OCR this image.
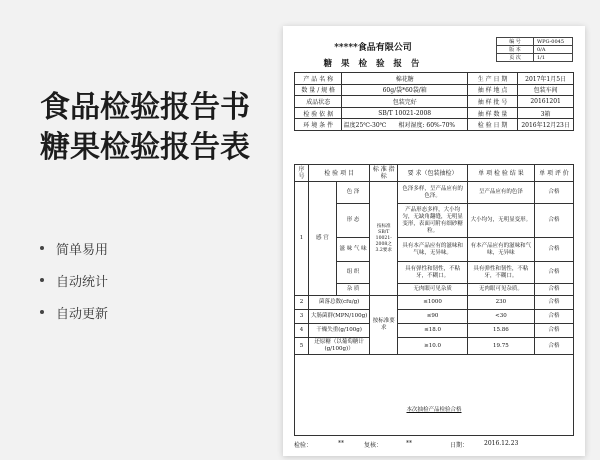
食品检验报告书
糖果检验报告表
简单易用
自动统计
自动更新
*****食品有限公司
糖 果 检 验 报 告
编 号	WPG-0045
版 本	0/A
页 次	1/1
产 品 名 称	棉花糖	生 产 日 期	2017年1月5日
数 量 / 规 格	60g/袋*60袋/箱	抽 样 地 点	包装车间
成品状态	包装完好	抽 样 批 号	20161201
检 验 依 据	SB/T 10021-2008	抽 样 数 量	3箱
环 境 条 件	温度25℃-30℃ 相对湿度: 60%-70%	检 验 日 期	2016年12月23日
序 号	检 验 项 目		标 准 指 标	要 求（包装抽检）	单 项 检 验 结 果	单 项 评 价
1	感 官	色 泽	按标准SB/T 10021-2008之 3.2要求	色泽多样，呈产品应有的色泽。	呈产品应有的色泽	合格
		形 态		产品形态多样，大小均匀，无缺角翻缝，无明显变形，表面可附有细砂糖粒。	大小均匀，无明显变形。	合格
		滋 味 气 味		具有本产品应有的滋味和气味，无异味。	有本产品应有的滋味和气味，无异味	合格
		组 织		具有弹性和韧性，不粘牙，不糊口。	具有弹性和韧性，不粘牙，不糊口。	合格
		杂 质		无肉眼可见杂质	无肉眼可见杂质。	合格
2	菌落总数(cfu/g)		按标准要求	≤1000	230	合格
3	大肠菌群(MPN/100g)			≤90	<30	合格
4	干燥失重(g/100g)			≤18.0	15.86	合格
5	还原糖（以葡萄糖计(g/100g)）			≥10.0	19.75	合格

本次抽检产品检验合格						
检验：	**	复核：	**	日期：	2016.12.23
